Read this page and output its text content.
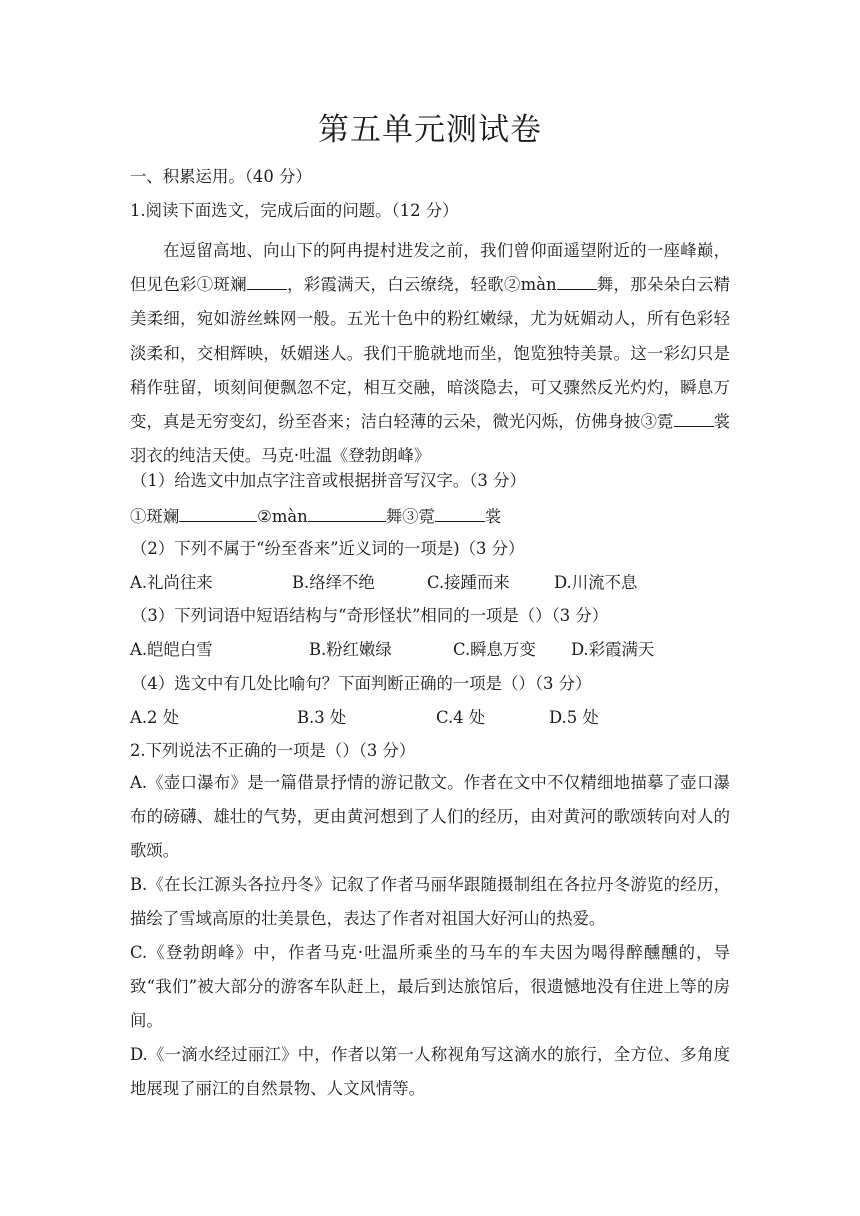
第五单元测试卷
一、积累运用。（40 分）
1.阅读下面选文，完成后面的问题。（12 分）

在逗留高地、向山下的阿冉提村进发之前，我们曾仰面遥望附近的一座峰巅，但见色彩①斑斓 ，彩霞满天，白云缭绕，轻歌②màn 舞，那朵朵白云精美柔细，宛如游丝蛛网一般。五光十色中的粉红嫩绿，尤为妩媚动人，所有色彩轻淡柔和，交相辉映，妖媚迷人。我们干脆就地而坐，饱览独特美景。这一彩幻只是稍作驻留，顷刻间便飘忽不定，相互交融，暗淡隐去，可又骤然反光灼灼，瞬息万变，真是无穷变幻，纷至沓来；洁白轻薄的云朵，微光闪烁，仿佛身披③霓 裳羽衣的纯洁天使。马克·吐温《登勃朗峰》

（1）给选文中加点字注音或根据拼音写汉字。（3 分）
①斑斓	②màn	舞③霓	裳
（2）下列不属于“纷至沓来”近义词的一项是)（3 分）
A.礼尚往来	B.络绎不绝	C.接踵而来	D.川流不息
（3）下列词语中短语结构与“奇形怪状”相同的一项是（）（3 分）
A.皑皑白雪	B.粉红嫩绿	C.瞬息万变 D.彩霞满天
（4）选文中有几处比喻句？下面判断正确的一项是（）（3 分）
A.2 处	B.3 处	C.4 处	D.5 处
2.下列说法不正确的一项是（）（3 分）

A.《壶口瀑布》是一篇借景抒情的游记散文。作者在文中不仅精细地描摹了壶口瀑布的磅礴、雄壮的气势，更由黄河想到了人们的经历，由对黄河的歌颂转向对人的歌颂。

B.《在长江源头各拉丹冬》记叙了作者马丽华跟随摄制组在各拉丹冬游览的经历，描绘了雪域高原的壮美景色，表达了作者对祖国大好河山的热爱。

C.《登勃朗峰》中，作者马克·吐温所乘坐的马车的车夫因为喝得醉醺醺的，导致“我们”被大部分的游客车队赶上，最后到达旅馆后，很遗憾地没有住进上等的房间。

D.《一滴水经过丽江》中，作者以第一人称视角写这滴水的旅行，全方位、多角度地展现了丽江的自然景物、人文风情等。
